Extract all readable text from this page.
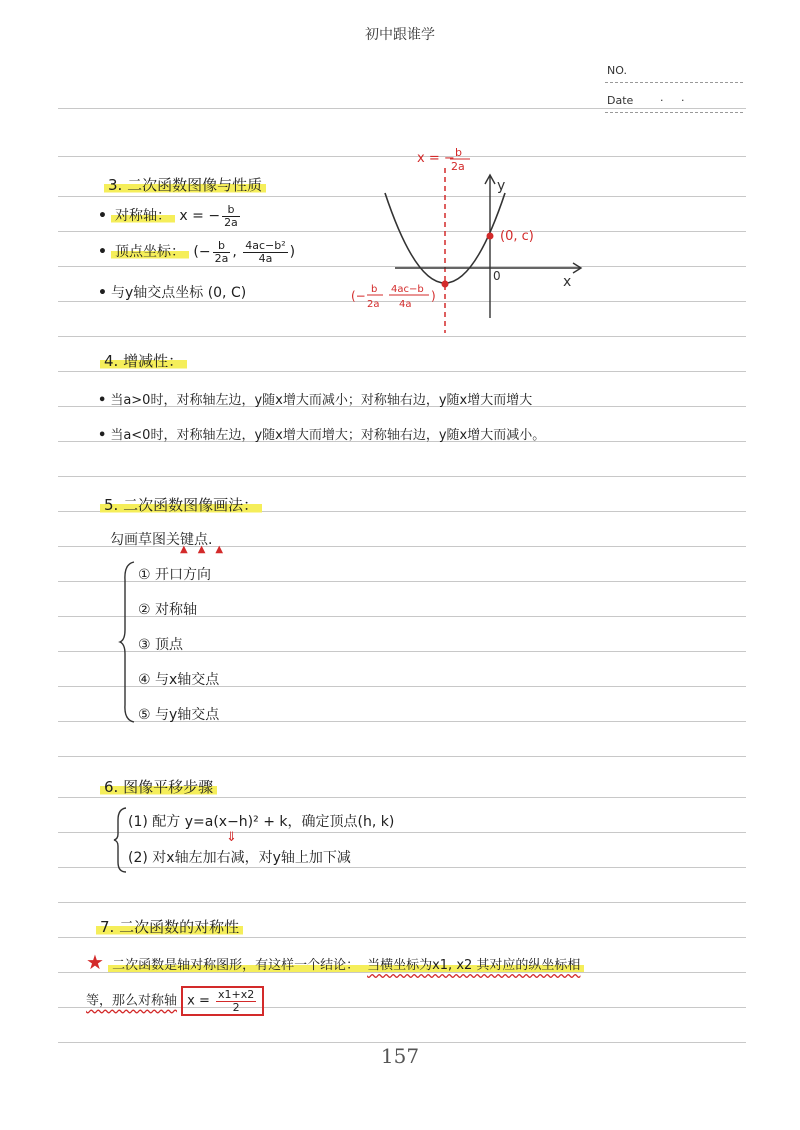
初中跟谁学
NO.
Date ·     ·
3. 二次函数图像与性质
• 对称轴： x = − $\frac{b}{2a}$
• 顶点坐标： (− $\frac{b}{2a}$ , $\frac{\text{4ac−b²}}{4a}$ )
• 与y轴交点坐标 (0, C)
x = − b
2a
y
x
0
(0, c)
(− b
2a
4ac−b
4a
)
4. 增减性：
• 当a>0时，对称轴左边，y随x增大而减小；对称轴右边，y随x增大而增大
• 当a<0时，对称轴左边，y随x增大而增大；对称轴右边，y随x增大而减小。
5. 二次函数图像画法：
勾画草图关键点.
▲▲▲
① 开口方向
② 对称轴
③ 顶点
④ 与x轴交点
⑤ 与y轴交点
6. 图像平移步骤
(1) 配方 y=a(x−h)² + k，确定顶点(h, k)
⇓
(2) 对x轴左加右减，对y轴上加下减
7. 二次函数的对称性
★ 二次函数是轴对称图形，有这样一个结论： 当横坐标为x1, x2 其对应的纵坐标相
等，那么对称轴 $x = \frac{x1+x2}{2}$
157
